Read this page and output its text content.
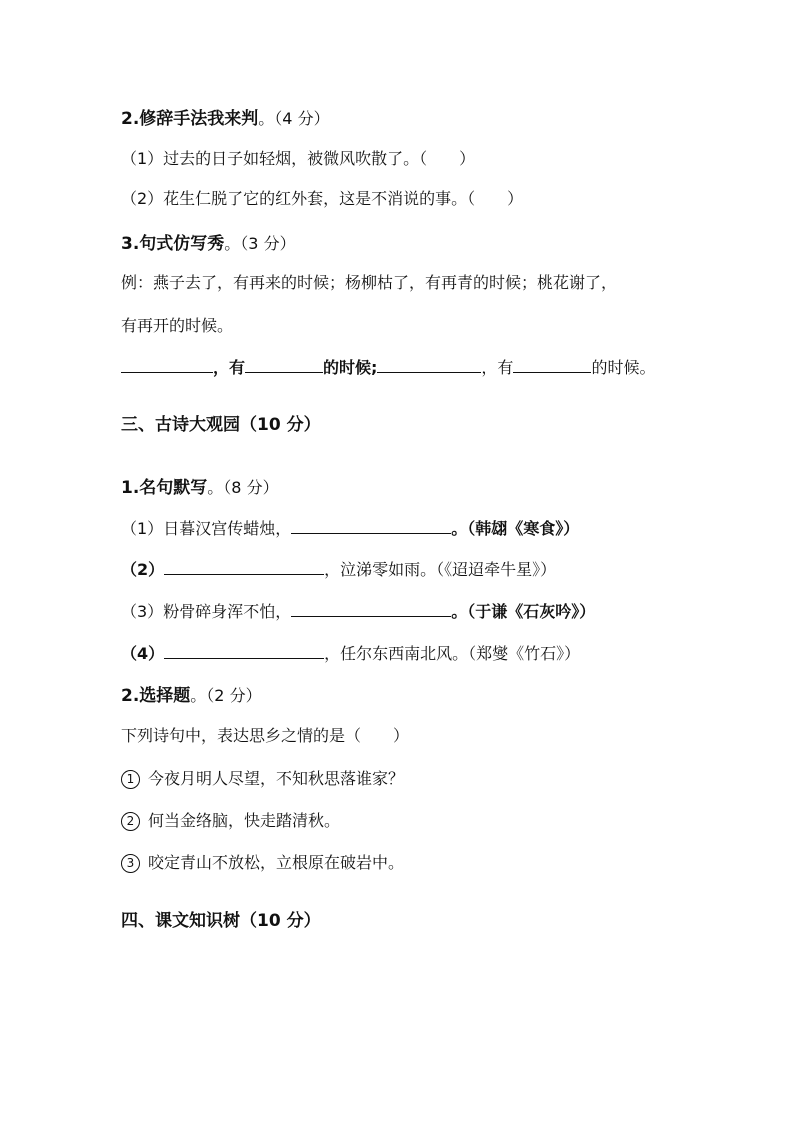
2.修辞手法我来判。（4 分）
（1）过去的日子如轻烟，被微风吹散了。（　　）
（2）花生仁脱了它的红外套，这是不消说的事。（　　）
3.句式仿写秀。（3 分）
例：燕子去了，有再来的时候；杨柳枯了，有再青的时候；桃花谢了，
有再开的时候。
，有	的时候;	，有	的时候。
三、古诗大观园（10 分）
1.名句默写。（8 分）
（1）日暮汉宫传蜡烛，	。（韩翃《寒食》）
（2）	，泣涕零如雨。（《迢迢牵牛星》）
（3）粉骨碎身浑不怕，	。（于谦《石灰吟》）
（4）	，任尔东西南北风。（郑燮《竹石》）
2.选择题。（2 分）
下列诗句中，表达思乡之情的是（　　）
1 今夜月明人尽望，不知秋思落谁家？
2 何当金络脑，快走踏清秋。
3 咬定青山不放松，立根原在破岩中。
四、课文知识树（10 分）
